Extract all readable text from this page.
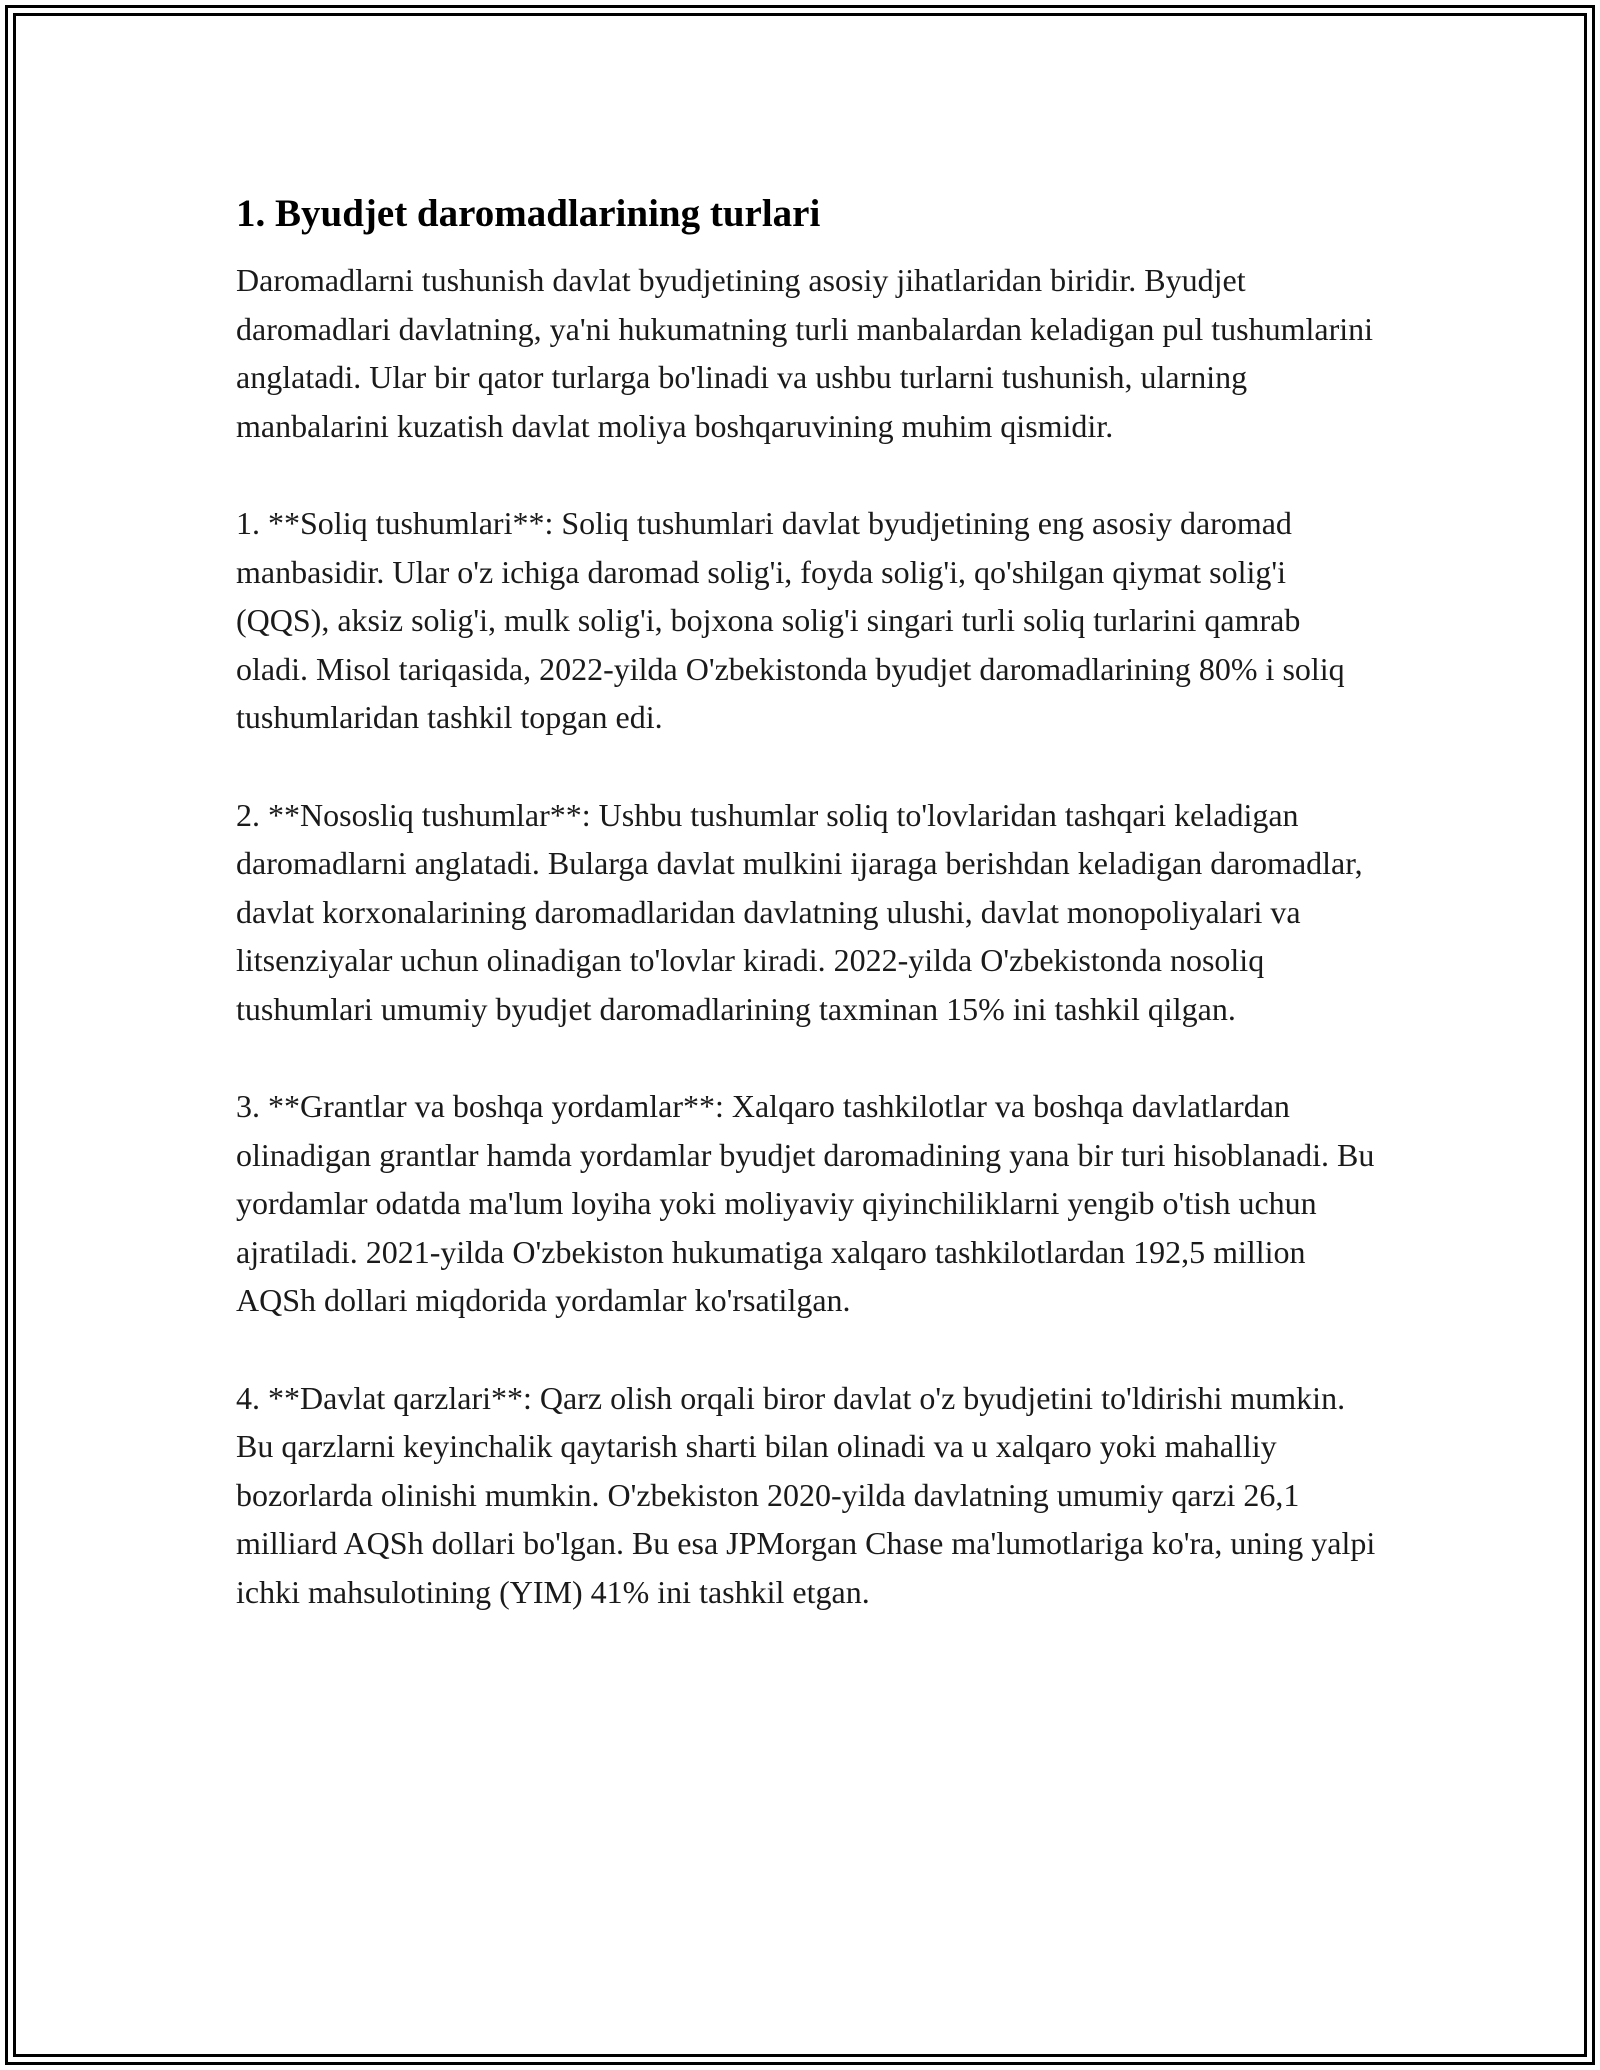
1. Byudjet daromadlarining turlari

Daromadlarni tushunish davlat byudjetining asosiy jihatlaridan biridir. Byudjet daromadlari davlatning, ya'ni hukumatning turli manbalardan keladigan pul tushumlarini anglatadi. Ular bir qator turlarga bo'linadi va ushbu turlarni tushunish, ularning manbalarini kuzatish davlat moliya boshqaruvining muhim qismidir.

1. **Soliq tushumlari**: Soliq tushumlari davlat byudjetining eng asosiy daromad manbasidir. Ular o'z ichiga daromad solig'i, foyda solig'i, qo'shilgan qiymat solig'i (QQS), aksiz solig'i, mulk solig'i, bojxona solig'i singari turli soliq turlarini qamrab oladi. Misol tariqasida, 2022-yilda O'zbekistonda byudjet daromadlarining 80% i soliq tushumlaridan tashkil topgan edi.

2. **Nososliq tushumlar**: Ushbu tushumlar soliq to'lovlaridan tashqari keladigan daromadlarni anglatadi. Bularga davlat mulkini ijaraga berishdan keladigan daromadlar, davlat korxonalarining daromadlaridan davlatning ulushi, davlat monopoliyalari va litsenziyalar uchun olinadigan to'lovlar kiradi. 2022-yilda O'zbekistonda nosoliq tushumlari umumiy byudjet daromadlarining taxminan 15% ini tashkil qilgan.

3. **Grantlar va boshqa yordamlar**: Xalqaro tashkilotlar va boshqa davlatlardan olinadigan grantlar hamda yordamlar byudjet daromadining yana bir turi hisoblanadi. Bu yordamlar odatda ma'lum loyiha yoki moliyaviy qiyinchiliklarni yengib o'tish uchun ajratiladi. 2021-yilda O'zbekiston hukumatiga xalqaro tashkilotlardan 192,5 million AQSh dollari miqdorida yordamlar ko'rsatilgan.

4. **Davlat qarzlari**: Qarz olish orqali biror davlat o'z byudjetini to'ldirishi mumkin. Bu qarzlarni keyinchalik qaytarish sharti bilan olinadi va u xalqaro yoki mahalliy bozorlarda olinishi mumkin. O'zbekiston 2020-yilda davlatning umumiy qarzi 26,1 milliard AQSh dollari bo'lgan. Bu esa JPMorgan Chase ma'lumotlariga ko'ra, uning yalpi ichki mahsulotining (YIM) 41% ini tashkil etgan.
